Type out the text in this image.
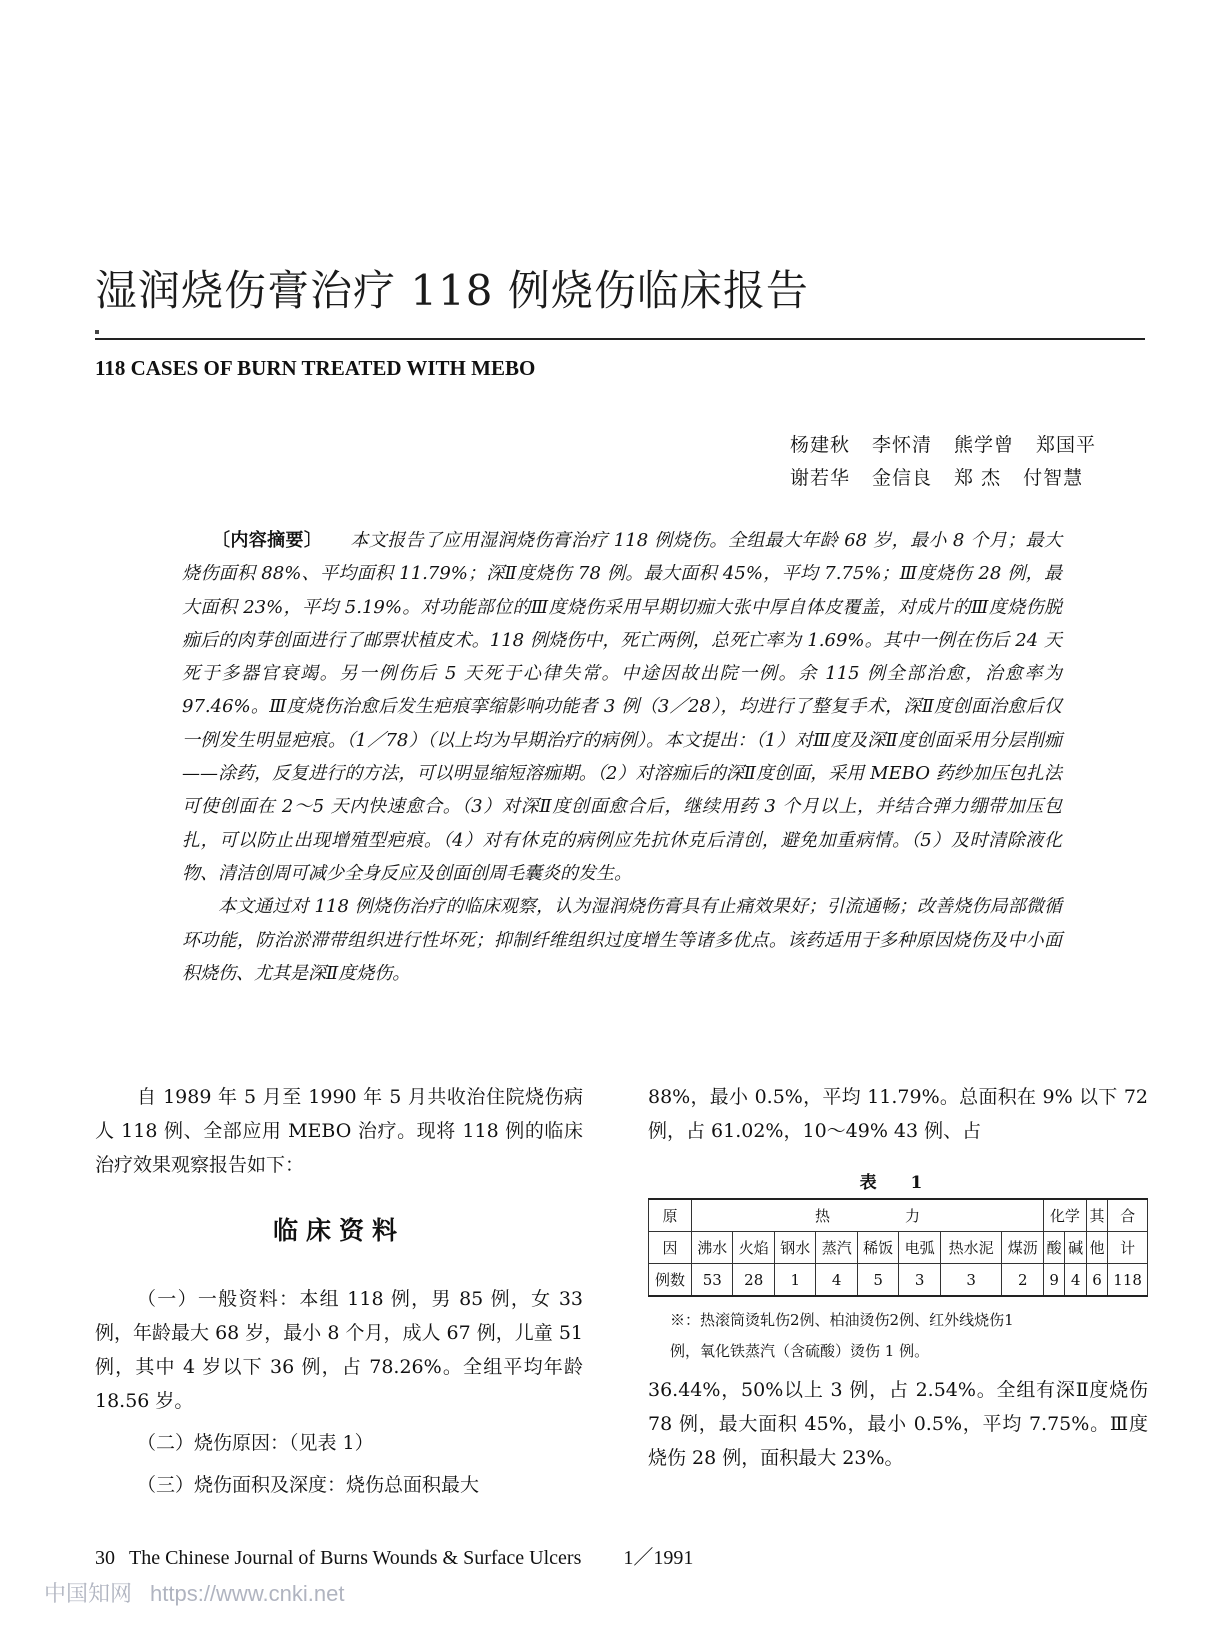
湿润烧伤膏治疗 118 例烧伤临床报告
118 CASES OF BURN TREATED WITH MEBO
杨建秋 李怀清 熊学曾 郑国平
谢若华 金信良 郑 杰 付智慧

〔内容摘要〕 本文报告了应用湿润烧伤膏治疗 118 例烧伤。全组最大年龄 68 岁，最小 8 个月；最大烧伤面积 88%、平均面积 11.79%；深Ⅱ度烧伤 78 例。最大面积 45%，平均 7.75%；Ⅲ度烧伤 28 例，最大面积 23%，平均 5.19%。对功能部位的Ⅲ度烧伤采用早期切痂大张中厚自体皮覆盖，对成片的Ⅲ度烧伤脱痂后的肉芽创面进行了邮票状植皮术。118 例烧伤中，死亡两例，总死亡率为 1.69%。其中一例在伤后 24 天死于多器官衰竭。另一例伤后 5 天死于心律失常。中途因故出院一例。余 115 例全部治愈，治愈率为 97.46%。Ⅲ度烧伤治愈后发生疤痕挛缩影响功能者 3 例（3／28），均进行了整复手术，深Ⅱ度创面治愈后仅一例发生明显疤痕。（1／78）（以上均为早期治疗的病例）。本文提出：（1）对Ⅲ度及深Ⅱ度创面采用分层削痂——涂药，反复进行的方法，可以明显缩短溶痂期。（2）对溶痂后的深Ⅱ度创面，采用 MEBO 药纱加压包扎法可使创面在 2～5 天内快速愈合。（3）对深Ⅱ度创面愈合后，继续用药 3 个月以上，并结合弹力绷带加压包扎，可以防止出现增殖型疤痕。（4）对有休克的病例应先抗休克后清创，避免加重病情。（5）及时清除液化物、清洁创周可减少全身反应及创面创周毛囊炎的发生。

本文通过对 118 例烧伤治疗的临床观察，认为湿润烧伤膏具有止痛效果好；引流通畅；改善烧伤局部微循环功能，防治淤滞带组织进行性坏死；抑制纤维组织过度增生等诸多优点。该药适用于多种原因烧伤及中小面积烧伤、尤其是深Ⅱ度烧伤。

自 1989 年 5 月至 1990 年 5 月共收治住院烧伤病人 118 例、全部应用 MEBO 治疗。现将 118 例的临床治疗效果观察报告如下：

临床资料

（一）一般资料：本组 118 例，男 85 例，女 33 例，年龄最大 68 岁，最小 8 个月，成人 67 例，儿童 51 例，其中 4 岁以下 36 例，占 78.26%。全组平均年龄 18.56 岁。

（二）烧伤原因：（见表 1）

（三）烧伤面积及深度：烧伤总面积最大

88%，最小 0.5%，平均 11.79%。总面积在 9% 以下 72 例，占 61.02%，10～49% 43 例、占

表 1
原	热　　　　　力								化学		其	合
因	沸水	火焰	钢水	蒸汽	稀饭	电弧	热水泥	煤沥	酸	碱	他	计
例数	53	28	1	4	5	3	3	2	9	4	6	118

※：热滚筒烫轧伤2例、柏油烫伤2例、红外线烧伤1

例，氧化铁蒸汽（含硫酸）烫伤 1 例。

36.44%，50%以上 3 例，占 2.54%。全组有深Ⅱ度烧伤 78 例，最大面积 45%，最小 0.5%，平均 7.75%。Ⅲ度烧伤 28 例，面积最大 23%。

30 The Chinese Journal of Burns Wounds & Surface Ulcers 1／1991
中国知网 https://www.cnki.net
